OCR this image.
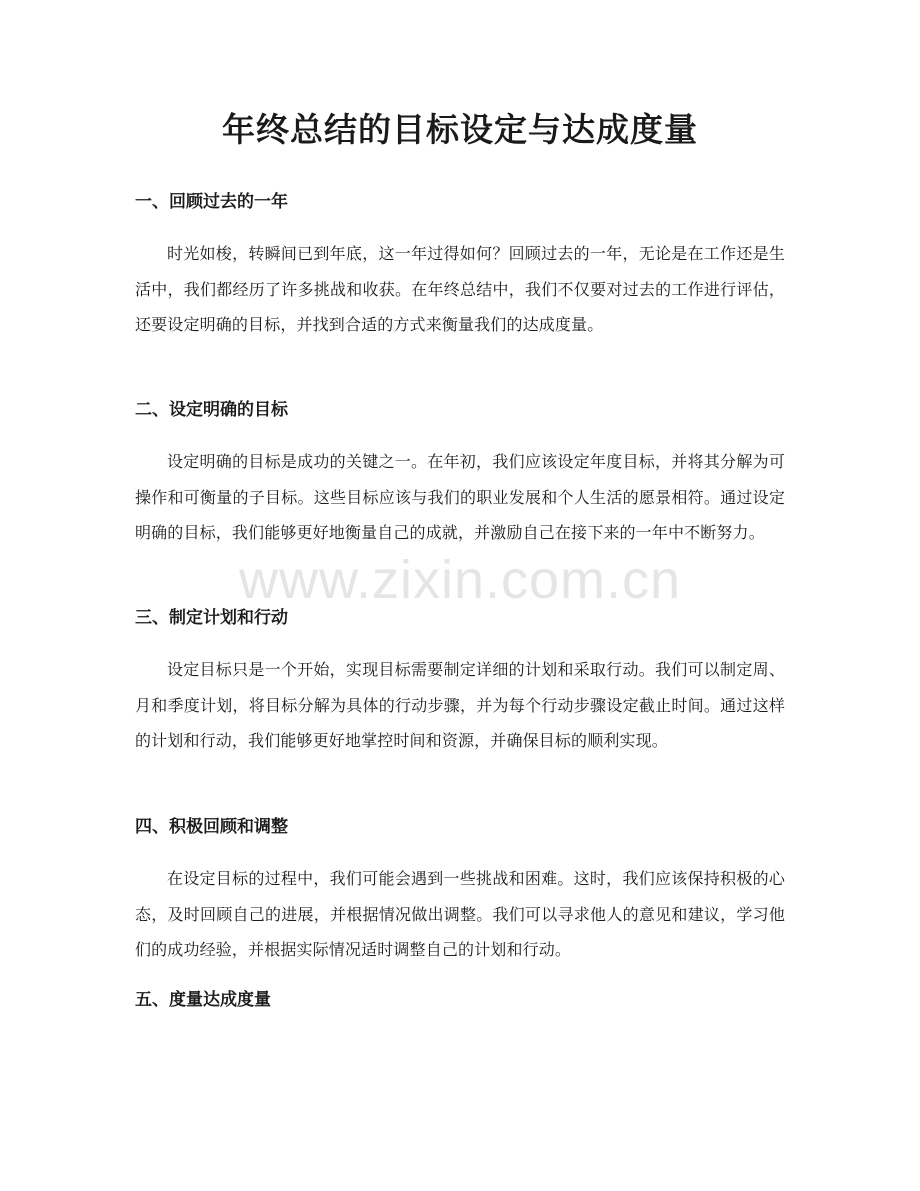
年终总结的目标设定与达成度量
一、回顾过去的一年

时光如梭，转瞬间已到年底，这一年过得如何？回顾过去的一年，无论是在工作还是生活中，我们都经历了许多挑战和收获。在年终总结中，我们不仅要对过去的工作进行评估，还要设定明确的目标，并找到合适的方式来衡量我们的达成度量。

二、设定明确的目标

设定明确的目标是成功的关键之一。在年初，我们应该设定年度目标，并将其分解为可操作和可衡量的子目标。这些目标应该与我们的职业发展和个人生活的愿景相符。通过设定明确的目标，我们能够更好地衡量自己的成就，并激励自己在接下来的一年中不断努力。

三、制定计划和行动

设定目标只是一个开始，实现目标需要制定详细的计划和采取行动。我们可以制定周、月和季度计划，将目标分解为具体的行动步骤，并为每个行动步骤设定截止时间。通过这样的计划和行动，我们能够更好地掌控时间和资源，并确保目标的顺利实现。

四、积极回顾和调整

在设定目标的过程中，我们可能会遇到一些挑战和困难。这时，我们应该保持积极的心态，及时回顾自己的进展，并根据情况做出调整。我们可以寻求他人的意见和建议，学习他们的成功经验，并根据实际情况适时调整自己的计划和行动。

五、度量达成度量
www.zixin.com.cn
